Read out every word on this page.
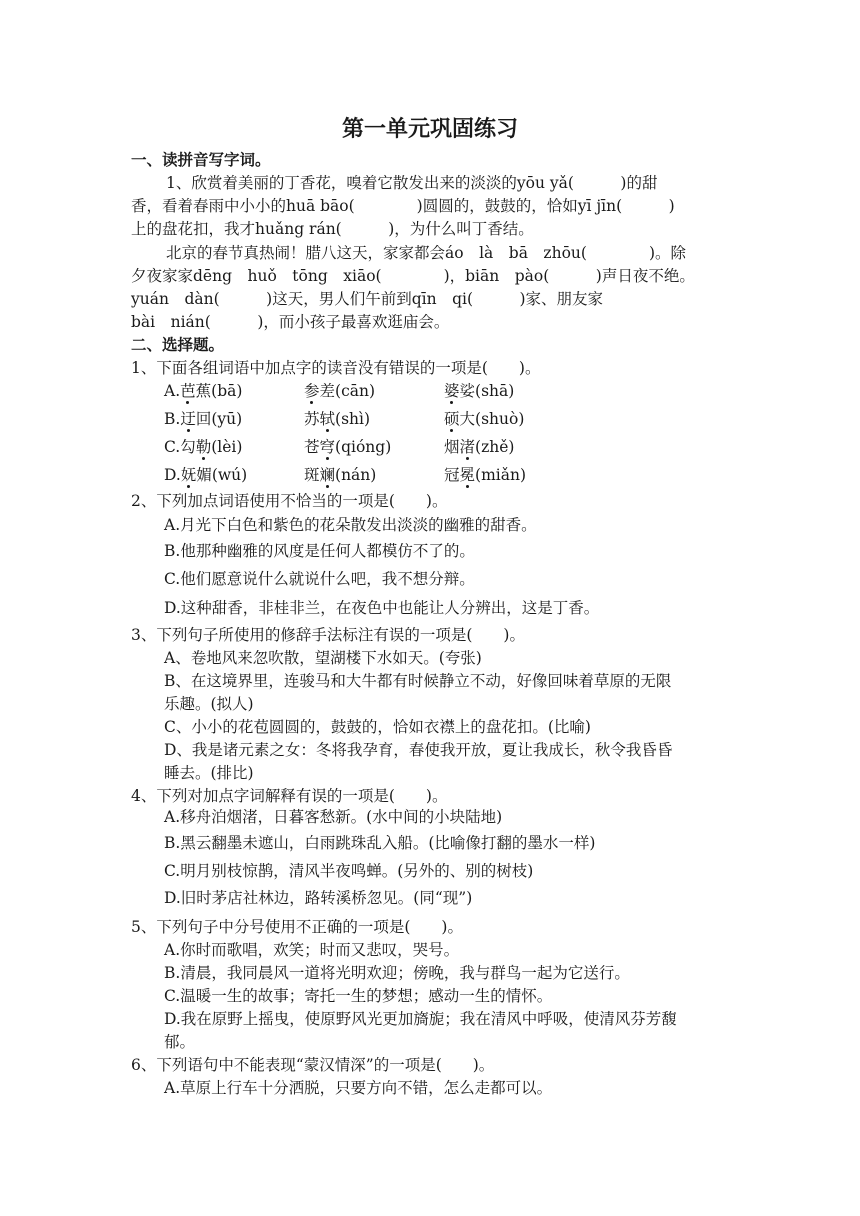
第一单元巩固练习
一、读拼音写字词。
1、欣赏着美丽的丁香花，嗅着它散发出来的淡淡的yōu yǎ(　　　)的甜
香，看着春雨中小小的huā bāo(　　　　)圆圆的，鼓鼓的，恰如yī jīn(　　　)
上的盘花扣，我才huǎng rán(　　　)，为什么叫丁香结。
北京的春节真热闹！腊八这天，家家都会áo　là　bā　zhōu(　　　　)。除
夕夜家家dēng　huǒ　tōng　xiāo(　　　　)，biān　pào(　　　)声日夜不绝。
yuán　dàn(　　　)这天，男人们午前到qīn　qi(　　　)家、朋友家
bài　nián(　　　)，而小孩子最喜欢逛庙会。
二、选择题。
1、下面各组词语中加点字的读音没有错误的一项是(　　)。
A.芭蕉(bā)	参差(cān)	婆娑(shā)
B.迂回(yū)	苏轼(shì)	硕大(shuò)
C.勾勒(lèi)	苍穹(qióng)	烟渚(zhě)
D.妩媚(wú)	斑斓(nán)	冠冕(miǎn)
2、下列加点词语使用不恰当的一项是(　　)。
A.月光下白色和紫色的花朵散发出淡淡的幽雅的甜香。
B.他那种幽雅的风度是任何人都模仿不了的。
C.他们愿意说什么就说什么吧，我不想分辩。
D.这种甜香，非桂非兰，在夜色中也能让人分辨出，这是丁香。
3、下列句子所使用的修辞手法标注有误的一项是(　　)。
A、卷地风来忽吹散，望湖楼下水如天。(夸张)
B、在这境界里，连骏马和大牛都有时候静立不动，好像回味着草原的无限
乐趣。(拟人)
C、小小的花苞圆圆的，鼓鼓的，恰如衣襟上的盘花扣。(比喻)
D、我是诸元素之女：冬将我孕育，春使我开放，夏让我成长，秋令我昏昏
睡去。(排比)
4、下列对加点字词解释有误的一项是(　　)。
A.移舟泊烟渚，日暮客愁新。(水中间的小块陆地)
B.黑云翻墨未遮山，白雨跳珠乱入船。(比喻像打翻的墨水一样)
C.明月别枝惊鹊，清风半夜鸣蝉。(另外的、别的树枝)
D.旧时茅店社林边，路转溪桥忽见。(同“现”)
5、下列句子中分号使用不正确的一项是(　　)。
A.你时而歌唱，欢笑；时而又悲叹，哭号。
B.清晨，我同晨风一道将光明欢迎；傍晚，我与群鸟一起为它送行。
C.温暖一生的故事；寄托一生的梦想；感动一生的情怀。
D.我在原野上摇曳，使原野风光更加旖旎；我在清风中呼吸，使清风芬芳馥
郁。
6、下列语句中不能表现“蒙汉情深”的一项是(　　)。
A.草原上行车十分洒脱，只要方向不错，怎么走都可以。
